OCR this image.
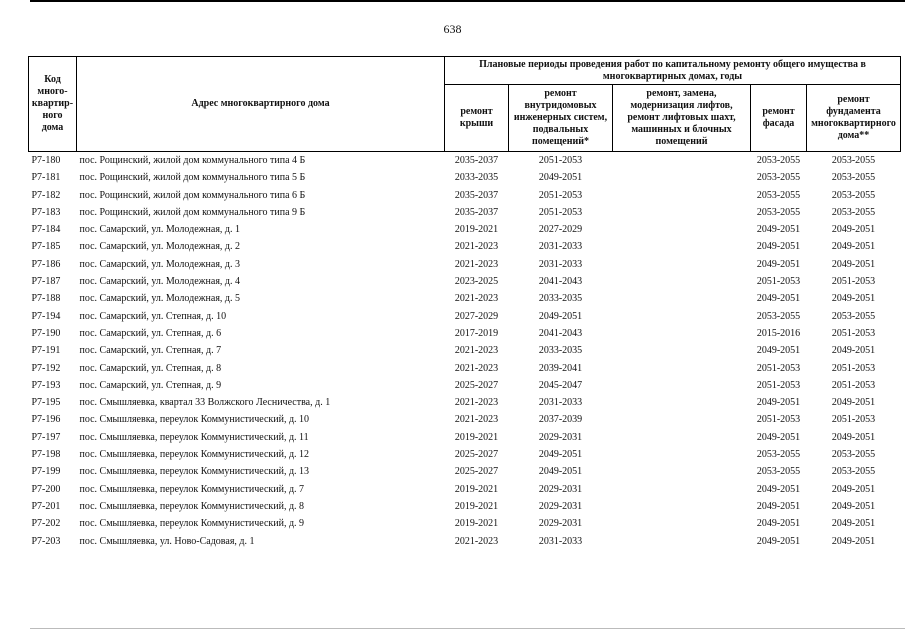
638
Код много-квартир-ного дома	Адрес многоквартирного дома	Плановые периоды проведения работ по капитальному ремонту общего имущества в многоквартирных домах, годы				
		ремонт крыши	ремонт внутридомовых инженерных систем, подвальных помещений*	ремонт, замена, модернизация лифтов, ремонт лифтовых шахт, машинных и блочных помещений	ремонт фасада	ремонт фундамента многоквартирного дома**
Р7-180	пос. Рощинский, жилой дом коммунального типа 4 Б	2035-2037	2051-2053		2053-2055	2053-2055
Р7-181	пос. Рощинский, жилой дом коммунального типа 5 Б	2033-2035	2049-2051		2053-2055	2053-2055
Р7-182	пос. Рощинский, жилой дом коммунального типа 6 Б	2035-2037	2051-2053		2053-2055	2053-2055
Р7-183	пос. Рощинский, жилой дом коммунального типа 9 Б	2035-2037	2051-2053		2053-2055	2053-2055
Р7-184	пос. Самарский, ул. Молодежная, д. 1	2019-2021	2027-2029		2049-2051	2049-2051
Р7-185	пос. Самарский, ул. Молодежная, д. 2	2021-2023	2031-2033		2049-2051	2049-2051
Р7-186	пос. Самарский, ул. Молодежная, д. 3	2021-2023	2031-2033		2049-2051	2049-2051
Р7-187	пос. Самарский, ул. Молодежная, д. 4	2023-2025	2041-2043		2051-2053	2051-2053
Р7-188	пос. Самарский, ул. Молодежная, д. 5	2021-2023	2033-2035		2049-2051	2049-2051
Р7-194	пос. Самарский, ул. Степная, д. 10	2027-2029	2049-2051		2053-2055	2053-2055
Р7-190	пос. Самарский, ул. Степная, д. 6	2017-2019	2041-2043		2015-2016	2051-2053
Р7-191	пос. Самарский, ул. Степная, д. 7	2021-2023	2033-2035		2049-2051	2049-2051
Р7-192	пос. Самарский, ул. Степная, д. 8	2021-2023	2039-2041		2051-2053	2051-2053
Р7-193	пос. Самарский, ул. Степная, д. 9	2025-2027	2045-2047		2051-2053	2051-2053
Р7-195	пос. Смышляевка, квартал 33 Волжского Лесничества, д. 1	2021-2023	2031-2033		2049-2051	2049-2051
Р7-196	пос. Смышляевка, переулок Коммунистический, д. 10	2021-2023	2037-2039		2051-2053	2051-2053
Р7-197	пос. Смышляевка, переулок Коммунистический, д. 11	2019-2021	2029-2031		2049-2051	2049-2051
Р7-198	пос. Смышляевка, переулок Коммунистический, д. 12	2025-2027	2049-2051		2053-2055	2053-2055
Р7-199	пос. Смышляевка, переулок Коммунистический, д. 13	2025-2027	2049-2051		2053-2055	2053-2055
Р7-200	пос. Смышляевка, переулок Коммунистический, д. 7	2019-2021	2029-2031		2049-2051	2049-2051
Р7-201	пос. Смышляевка, переулок Коммунистический, д. 8	2019-2021	2029-2031		2049-2051	2049-2051
Р7-202	пос. Смышляевка, переулок Коммунистический, д. 9	2019-2021	2029-2031		2049-2051	2049-2051
Р7-203	пос. Смышляевка, ул. Ново-Садовая, д. 1	2021-2023	2031-2033		2049-2051	2049-2051
